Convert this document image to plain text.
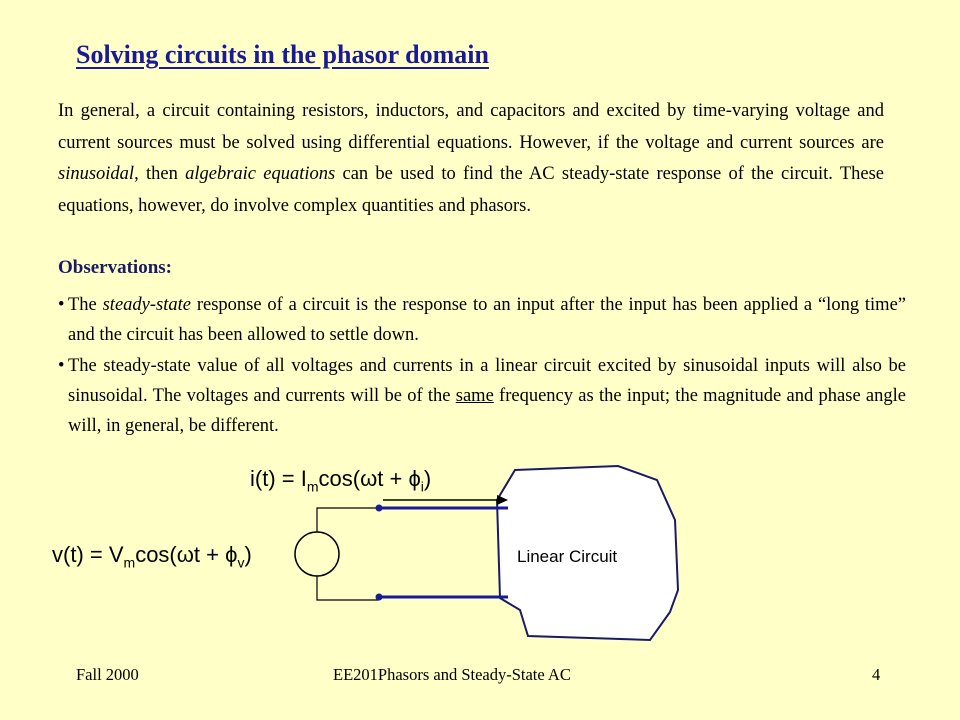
Solving circuits in the phasor domain

In general, a circuit containing resistors, inductors, and capacitors and excited by time-varying voltage and current sources must be solved using differential equations. However, if the voltage and current sources are sinusoidal, then algebraic equations can be used to find the AC steady-state response of the circuit. These equations, however, do involve complex quantities and phasors.

Observations:

• The steady-state response of a circuit is the response to an input after the input has been applied a “long time” and the circuit has been allowed to settle down.

• The steady-state value of all voltages and currents in a linear circuit excited by sinusoidal inputs will also be sinusoidal. The voltages and currents will be of the same frequency as the input; the magnitude and phase angle will, in general, be different.

$i(t) = I_m\cos(\omega t + \phi_i)$
$v(t) = V_m\cos(\omega t + \phi_v)$	Linear Circuit
Fall 2000	EE201Phasors and Steady-State AC	4
